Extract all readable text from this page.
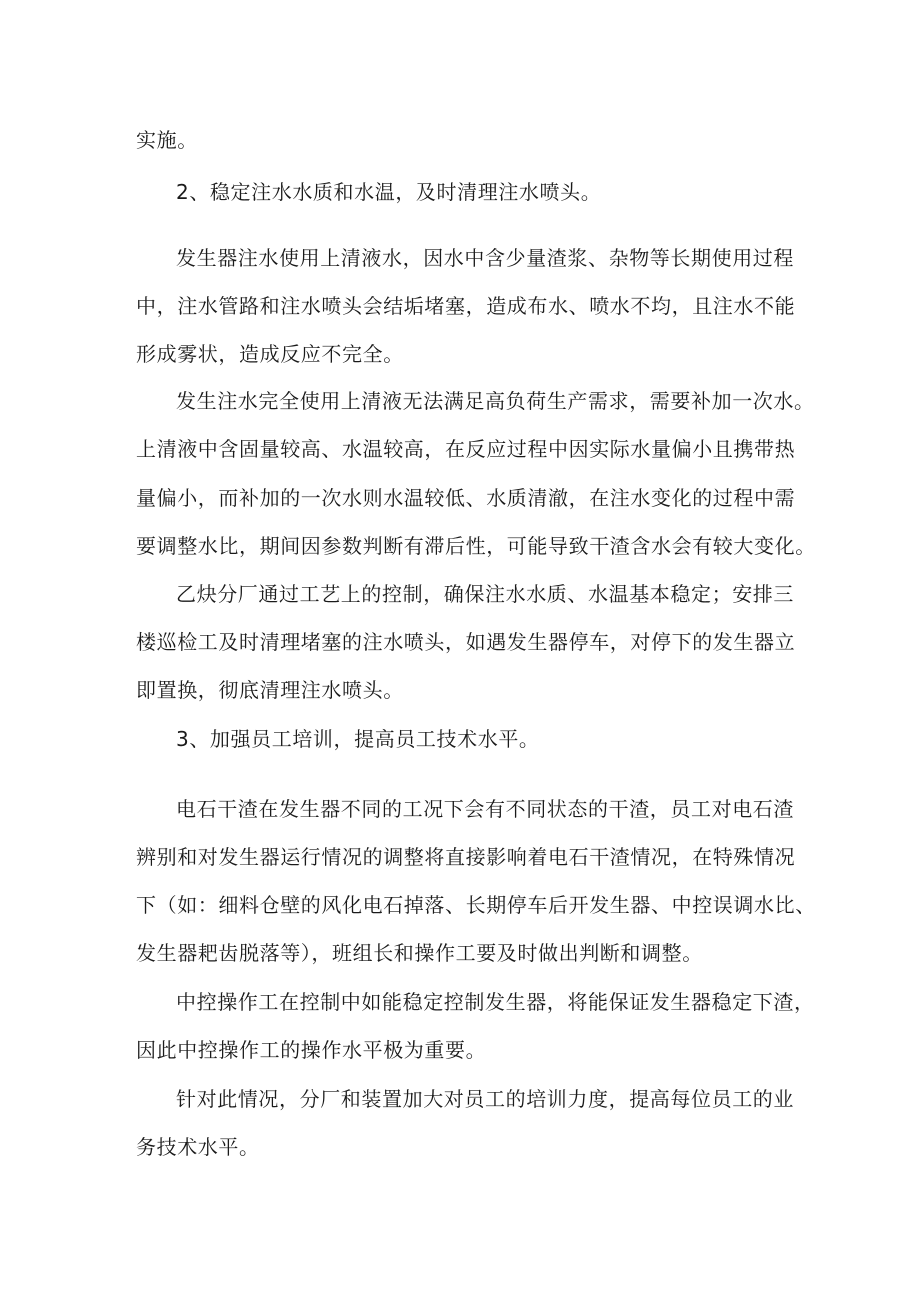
实施。
2、稳定注水水质和水温，及时清理注水喷头。
发生器注水使用上清液水，因水中含少量渣浆、杂物等长期使用过程
中，注水管路和注水喷头会结垢堵塞，造成布水、喷水不均，且注水不能
形成雾状，造成反应不完全。
发生注水完全使用上清液无法满足高负荷生产需求，需要补加一次水。
上清液中含固量较高、水温较高，在反应过程中因实际水量偏小且携带热
量偏小，而补加的一次水则水温较低、水质清澈，在注水变化的过程中需
要调整水比，期间因参数判断有滞后性，可能导致干渣含水会有较大变化。
乙炔分厂通过工艺上的控制，确保注水水质、水温基本稳定；安排三
楼巡检工及时清理堵塞的注水喷头，如遇发生器停车，对停下的发生器立
即置换，彻底清理注水喷头。
3、加强员工培训，提高员工技术水平。
电石干渣在发生器不同的工况下会有不同状态的干渣，员工对电石渣
辨别和对发生器运行情况的调整将直接影响着电石干渣情况，在特殊情况
下（如：细料仓壁的风化电石掉落、长期停车后开发生器、中控误调水比、
发生器耙齿脱落等），班组长和操作工要及时做出判断和调整。
中控操作工在控制中如能稳定控制发生器，将能保证发生器稳定下渣，
因此中控操作工的操作水平极为重要。
针对此情况，分厂和装置加大对员工的培训力度，提高每位员工的业
务技术水平。
